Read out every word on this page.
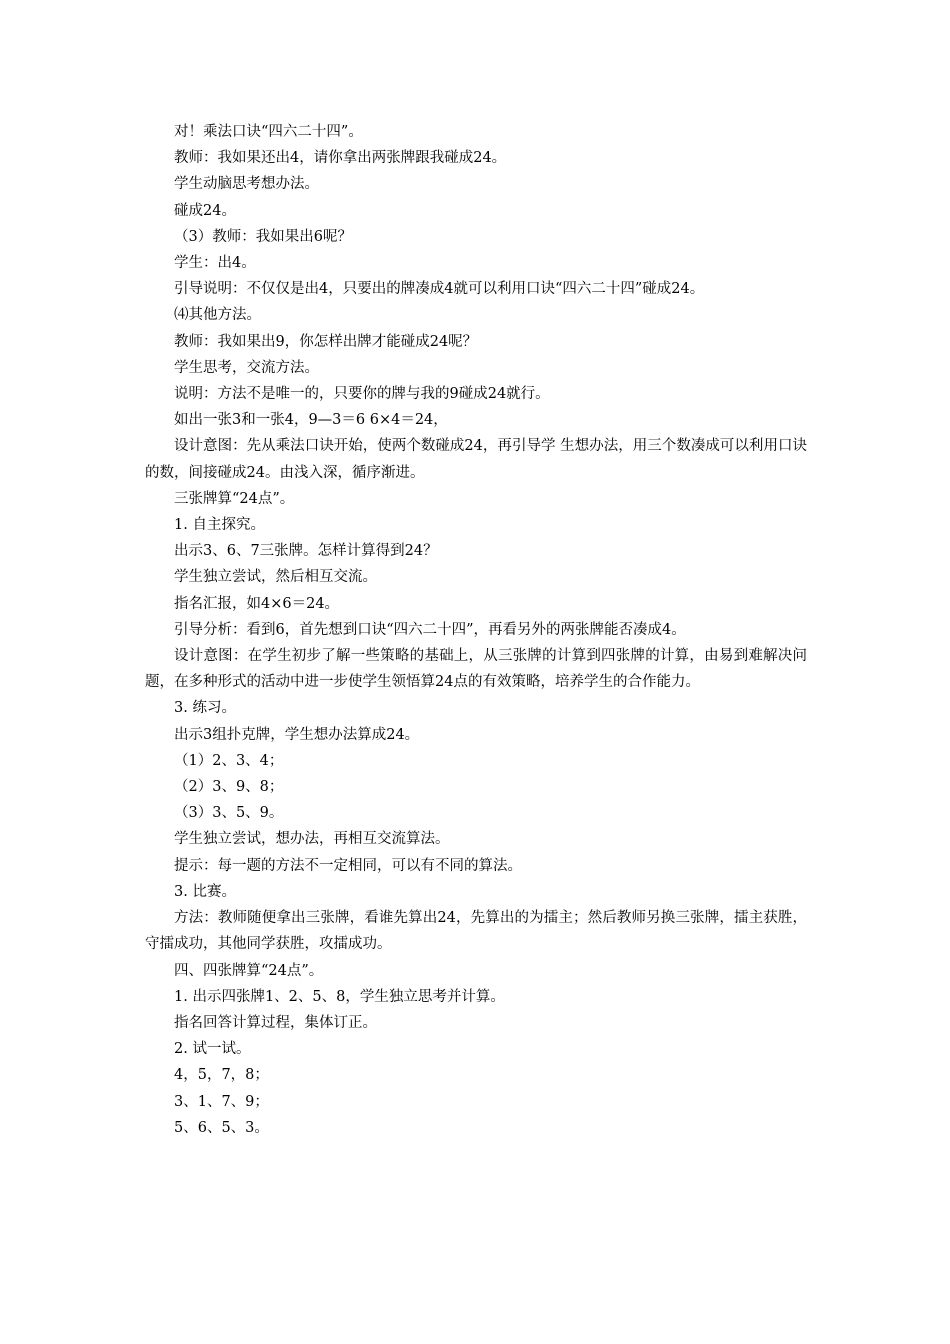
对！乘法口诀“四六二十四”。

教师：我如果还出4，请你拿出两张牌跟我碰成24。

学生动脑思考想办法。

碰成24。

（3）教师：我如果出6呢？

学生：出4。

引导说明：不仅仅是出4，只要出的牌凑成4就可以利用口诀“四六二十四”碰成24。

⑷其他方法。

教师：我如果出9，你怎样出牌才能碰成24呢？

学生思考，交流方法。

说明：方法不是唯一的，只要你的牌与我的9碰成24就行。

如出一张3和一张4，9—3＝6 6×4＝24，

设计意图：先从乘法口诀开始，使两个数碰成24，再引导学 生想办法，用三个数凑成可以利用口诀的数，间接碰成24。由浅入深，循序渐进。

三张牌算“24点”。

1. 自主探究。

出示3、6、7三张牌。怎样计算得到24？

学生独立尝试，然后相互交流。

指名汇报，如4×6＝24。

引导分析：看到6，首先想到口诀“四六二十四”，再看另外的两张牌能否凑成4。

设计意图：在学生初步了解一些策略的基础上，从三张牌的计算到四张牌的计算，由易到难解决问题，在多种形式的活动中进一步使学生领悟算24点的有效策略，培养学生的合作能力。

3. 练习。

出示3组扑克牌，学生想办法算成24。

（1）2、3、4；

（2）3、9、8；

（3）3、5、9。

学生独立尝试，想办法，再相互交流算法。

提示：每一题的方法不一定相同，可以有不同的算法。

3. 比赛。

方法：教师随便拿出三张牌，看谁先算出24，先算出的为擂主；然后教师另换三张牌，擂主获胜，守擂成功，其他同学获胜，攻擂成功。

四、四张牌算“24点”。

1. 出示四张牌1、2、5、8，学生独立思考并计算。

指名回答计算过程，集体订正。

2. 试一试。

4，5，7，8；

3、1、7、9；

5、6、5、3。
